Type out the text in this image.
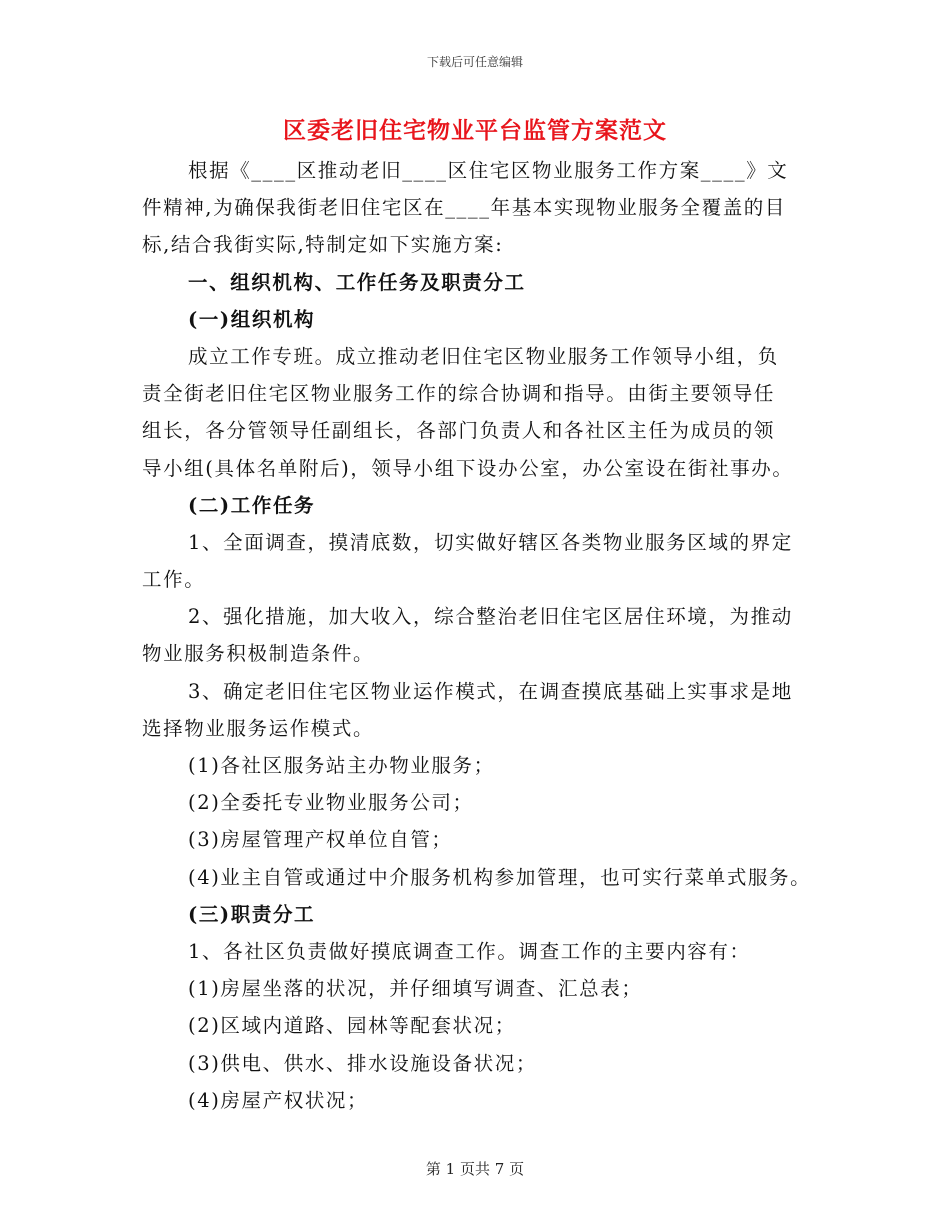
下载后可任意编辑
区委老旧住宅物业平台监管方案范文
根据《____区推动老旧____区住宅区物业服务工作方案____》文
件精神,为确保我街老旧住宅区在____年基本实现物业服务全覆盖的目
标,结合我街实际,特制定如下实施方案:
一、组织机构、工作任务及职责分工
(一)组织机构
成立工作专班。成立推动老旧住宅区物业服务工作领导小组，负
责全街老旧住宅区物业服务工作的综合协调和指导。由街主要领导任
组长，各分管领导任副组长，各部门负责人和各社区主任为成员的领
导小组(具体名单附后)，领导小组下设办公室，办公室设在街社事办。
(二)工作任务
1、全面调查，摸清底数，切实做好辖区各类物业服务区域的界定
工作。
2、强化措施，加大收入，综合整治老旧住宅区居住环境，为推动
物业服务积极制造条件。
3、确定老旧住宅区物业运作模式，在调查摸底基础上实事求是地
选择物业服务运作模式。
(1)各社区服务站主办物业服务；
(2)全委托专业物业服务公司；
(3)房屋管理产权单位自管；
(4)业主自管或通过中介服务机构参加管理，也可实行菜单式服务。
(三)职责分工
1、各社区负责做好摸底调查工作。调查工作的主要内容有：
(1)房屋坐落的状况，并仔细填写调查、汇总表；
(2)区域内道路、园林等配套状况；
(3)供电、供水、排水设施设备状况；
(4)房屋产权状况；
第 1 页共 7 页
